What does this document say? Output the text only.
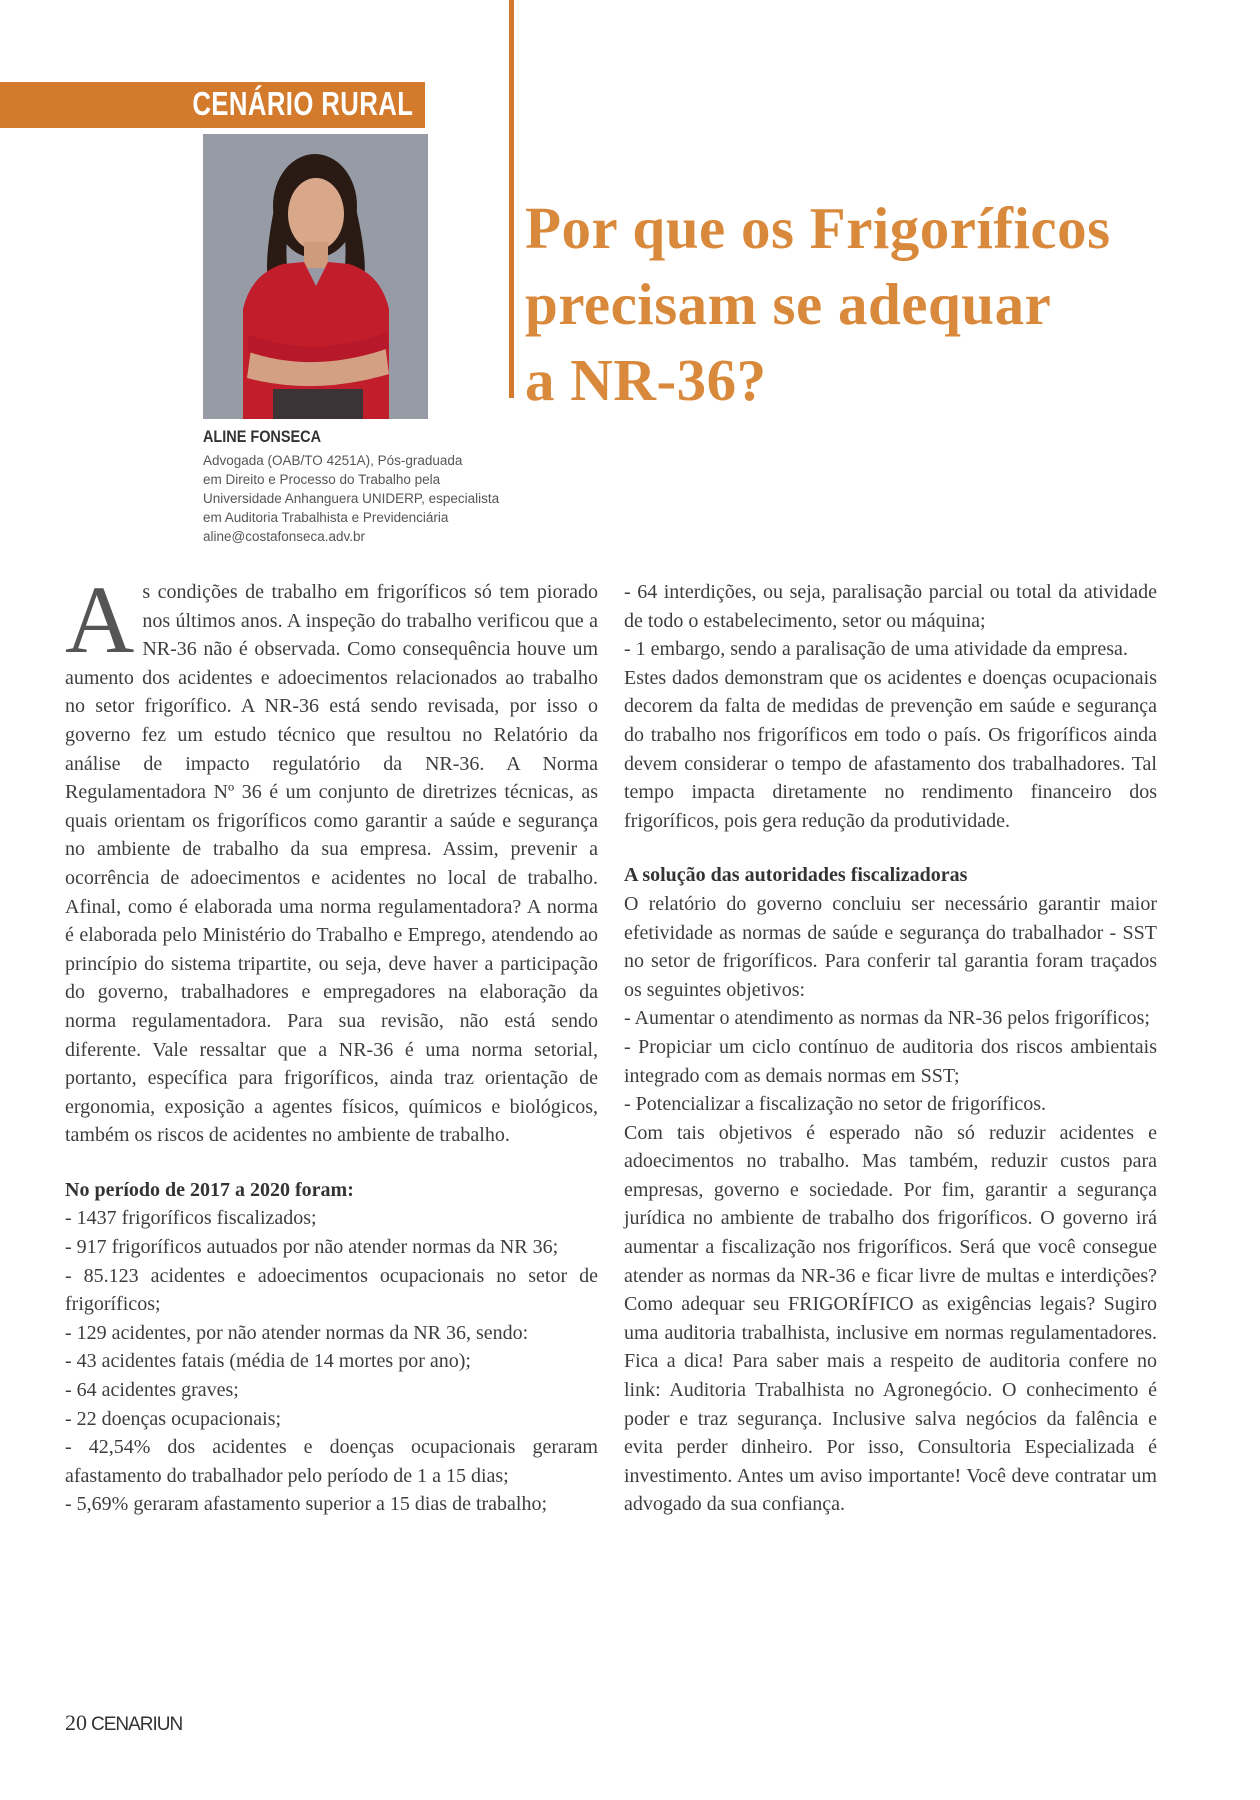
CENÁRIO RURAL
Por que os Frigoríficos
precisam se adequar
a NR-36?
ALINE FONSECA
Advogada (OAB/TO 4251A), Pós-graduada
em Direito e Processo do Trabalho pela
Universidade Anhanguera UNIDERP, especialista
em Auditoria Trabalhista e Previdenciária
aline@costafonseca.adv.br

As condições de trabalho em frigoríficos só tem piorado nos últimos anos. A inspeção do trabalho verificou que a NR-36 não é observada. Como consequência houve um aumento dos acidentes e adoecimentos relacionados ao trabalho no setor frigorífico. A NR-36 está sendo revisada, por isso o governo fez um estudo técnico que resultou no Relatório da análise de impacto regulatório da NR-36. A Norma Regulamentadora Nº 36 é um conjunto de diretrizes técnicas, as quais orientam os frigoríficos como garantir a saúde e segurança no ambiente de trabalho da sua empresa. Assim, prevenir a ocorrência de adoecimentos e acidentes no local de trabalho. Afinal, como é elaborada uma norma regulamentadora? A norma é elaborada pelo Ministério do Trabalho e Emprego, atendendo ao princípio do sistema tripartite, ou seja, deve haver a participação do governo, trabalhadores e empregadores na elaboração da norma regulamentadora. Para sua revisão, não está sendo diferente. Vale ressaltar que a NR-36 é uma norma setorial, portanto, específica para frigoríficos, ainda traz orientação de ergonomia, exposição a agentes físicos, químicos e biológicos, também os riscos de acidentes no ambiente de trabalho.

No período de 2017 a 2020 foram:

- 1437 frigoríficos fiscalizados;

- 917 frigoríficos autuados por não atender normas da NR 36;

- 85.123 acidentes e adoecimentos ocupacionais no setor de frigoríficos;

- 129 acidentes, por não atender normas da NR 36, sendo:

- 43 acidentes fatais (média de 14 mortes por ano);

- 64 acidentes graves;

- 22 doenças ocupacionais;

- 42,54% dos acidentes e doenças ocupacionais geraram afastamento do trabalhador pelo período de 1 a 15 dias;

- 5,69% geraram afastamento superior a 15 dias de trabalho;

- 64 interdições, ou seja, paralisação parcial ou total da atividade de todo o estabelecimento, setor ou máquina;

- 1 embargo, sendo a paralisação de uma atividade da empresa.

Estes dados demonstram que os acidentes e doenças ocupacionais decorem da falta de medidas de prevenção em saúde e segurança do trabalho nos frigoríficos em todo o país. Os frigoríficos ainda devem considerar o tempo de afastamento dos trabalhadores. Tal tempo impacta diretamente no rendimento financeiro dos frigoríficos, pois gera redução da produtividade.

A solução das autoridades fiscalizadoras

O relatório do governo concluiu ser necessário garantir maior efetividade as normas de saúde e segurança do trabalhador - SST no setor de frigoríficos. Para conferir tal garantia foram traçados os seguintes objetivos:

- Aumentar o atendimento as normas da NR-36 pelos frigoríficos;

- Propiciar um ciclo contínuo de auditoria dos riscos ambientais integrado com as demais normas em SST;

- Potencializar a fiscalização no setor de frigoríficos.

Com tais objetivos é esperado não só reduzir acidentes e adoecimentos no trabalho. Mas também, reduzir custos para empresas, governo e sociedade. Por fim, garantir a segurança jurídica no ambiente de trabalho dos frigoríficos. O governo irá aumentar a fiscalização nos frigoríficos. Será que você consegue atender as normas da NR-36 e ficar livre de multas e interdições? Como adequar seu FRIGORÍFICO as exigências legais? Sugiro uma auditoria trabalhista, inclusive em normas regulamentadores. Fica a dica! Para saber mais a respeito de auditoria confere no link: Auditoria Trabalhista no Agronegócio. O conhecimento é poder e traz segurança. Inclusive salva negócios da falência e evita perder dinheiro. Por isso, Consultoria Especializada é investimento. Antes um aviso importante! Você deve contratar um advogado da sua confiança.

20 CENARIUN
